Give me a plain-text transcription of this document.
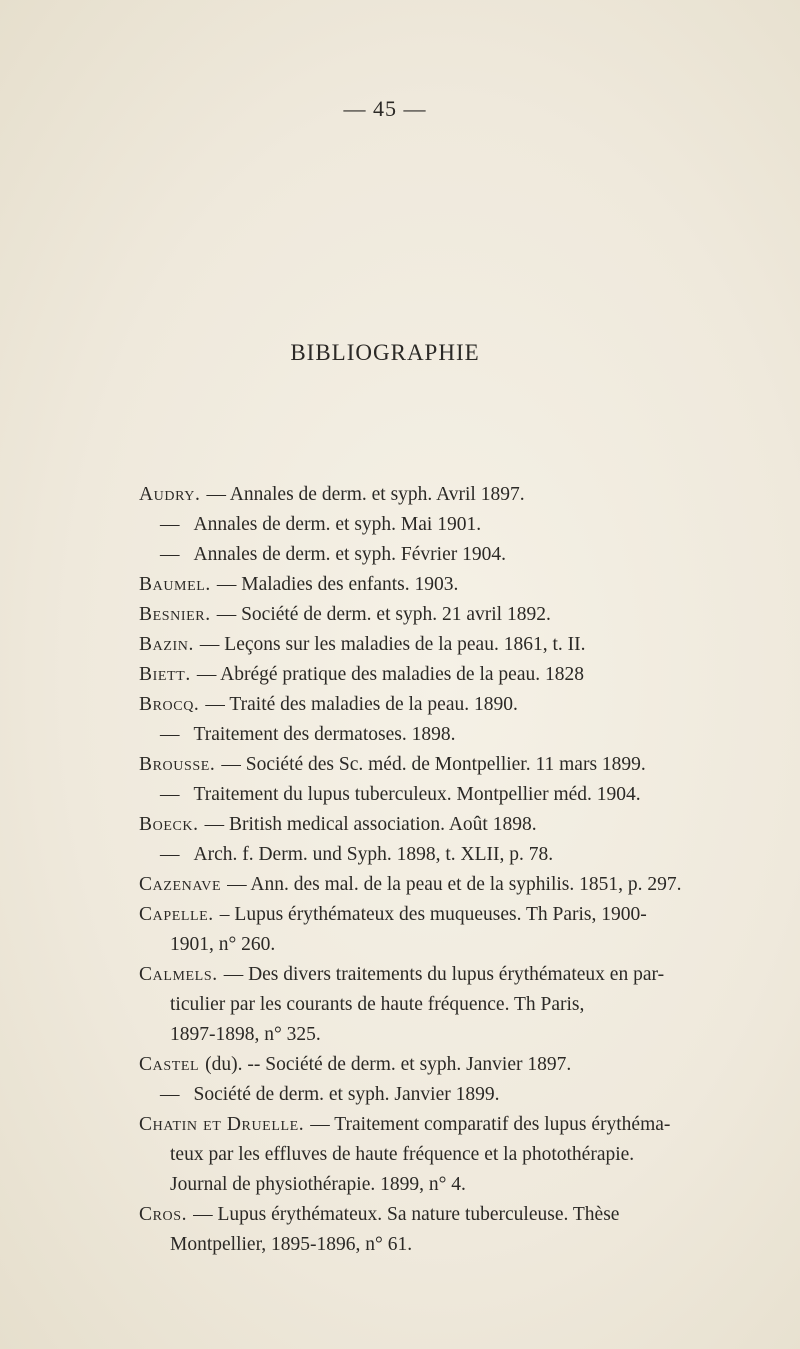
— 45 —
BIBLIOGRAPHIE
Audry. — Annales de derm. et syph. Avril 1897.
— Annales de derm. et syph. Mai 1901.
— Annales de derm. et syph. Février 1904.
Baumel. — Maladies des enfants. 1903.
Besnier. — Société de derm. et syph. 21 avril 1892.
Bazin. — Leçons sur les maladies de la peau. 1861, t. II.
Biett. — Abrégé pratique des maladies de la peau. 1828
Brocq. — Traité des maladies de la peau. 1890.
— Traitement des dermatoses. 1898.
Brousse. — Société des Sc. méd. de Montpellier. 11 mars 1899.
— Traitement du lupus tuberculeux. Montpellier méd. 1904.
Boeck. — British medical association. Août 1898.
— Arch. f. Derm. und Syph. 1898, t. XLII, p. 78.
Cazenave — Ann. des mal. de la peau et de la syphilis. 1851, p. 297.
Capelle. – Lupus érythémateux des muqueuses. Th Paris, 1900-
1901, n° 260.
Calmels. — Des divers traitements du lupus érythémateux en par-
ticulier par les courants de haute fréquence. Th Paris,
1897-1898, n° 325.
Castel (du). -- Société de derm. et syph. Janvier 1897.
— Société de derm. et syph. Janvier 1899.
Chatin et Druelle. — Traitement comparatif des lupus érythéma-
teux par les effluves de haute fréquence et la photothérapie.
Journal de physiothérapie. 1899, n° 4.
Cros. — Lupus érythémateux. Sa nature tuberculeuse. Thèse
Montpellier, 1895-1896, n° 61.
